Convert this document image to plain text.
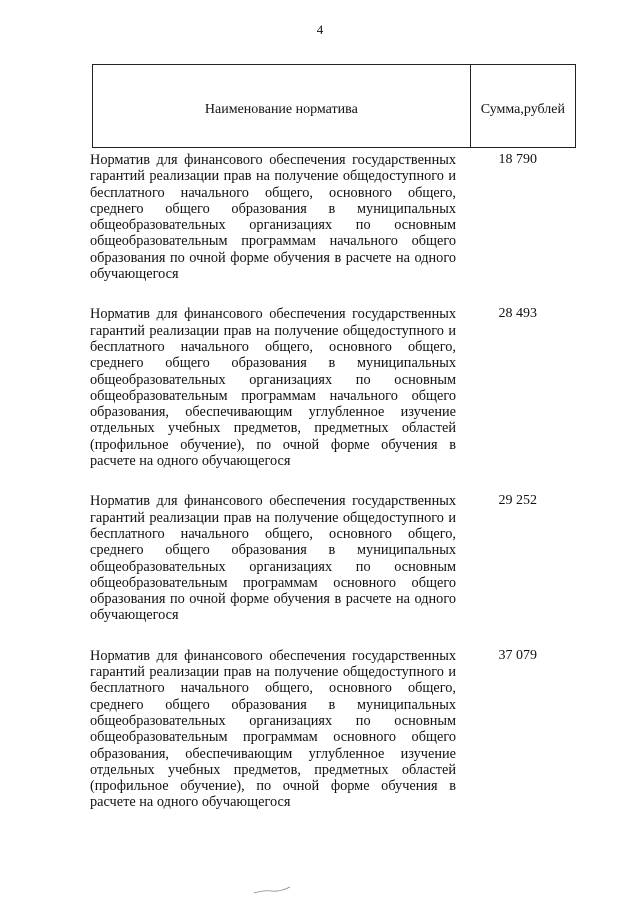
4
Наименование норматива	Сумма, рублей
Норматив для финансового обеспечения государственных гарантий реализации прав на получение общедоступного и бесплатного начального общего, основного общего, среднего общего образования в муниципальных общеобразовательных организациях по основным общеобразовательным программам начального общего образования по очной форме обучения в расчете на одного обучающегося
18 790
Норматив для финансового обеспечения государственных гарантий реализации прав на получение общедоступного и бесплатного начального общего, основного общего, среднего общего образования в муниципальных общеобразовательных организациях по основным общеобразовательным программам начального общего образования, обеспечивающим углубленное изучение отдельных учебных предметов, предметных областей (профильное обучение), по очной форме обучения в расчете на одного обучающегося
28 493
Норматив для финансового обеспечения государственных гарантий реализации прав на получение общедоступного и бесплатного начального общего, основного общего, среднего общего образования в муниципальных общеобразовательных организациях по основным общеобразовательным программам основного общего образования по очной форме обучения в расчете на одного обучающегося
29 252
Норматив для финансового обеспечения государственных гарантий реализации прав на получение общедоступного и бесплатного начального общего, основного общего, среднего общего образования в муниципальных общеобразовательных организациях по основным общеобразовательным программам основного общего образования, обеспечивающим углубленное изучение отдельных учебных предметов, предметных областей (профильное обучение), по очной форме обучения в расчете на одного обучающегося
37 079
